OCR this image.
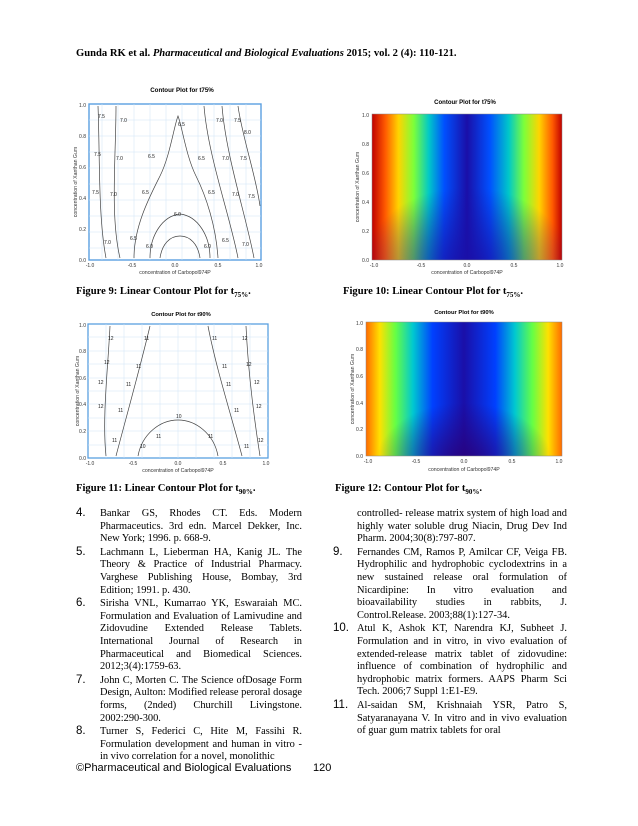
Gunda RK et al. Pharmaceutical and Biological Evaluations 2015; vol. 2 (4): 110-121.
Contour Plot for t75%
7.5
7.0
6.5
7.0 7.5
8.0
7.5
7.0	6.5	6.5	7.0 7.5
7.5 7.0	6.5	6.5	7.0 7.5
6.0
7.0
6.5
6.0	6.0
6.5
7.0
0.0
0.2
0.4
0.6
0.8
1.0
-1.0	-0.5	0.0	0.5	1.0
concentration of Carbopol974P
concentration of Xanthan Gum
Contour Plot for t75%
0.0
0.2
0.4
0.6
0.8
1.0
-1.0	-0.5	0.0	0.5	1.0
concentration of Carbopol974P
concentration of Xanthan Gum
Figure 9: Linear Contour Plot for $t_{75\%}$.	Figure 10: Linear Contour Plot for $t_{75\%}$.
Contour Plot for t90%
12	11	11	12
12
11	11	12
12	11	11	12
12
11	11
12
10
11
11	11
10	11
12
0.0
0.2
0.4
0.6
0.8
1.0
-1.0	-0.5	0.0	0.5	1.0
concentration of Carbopol974P
concentration of Xanthan Gum
Contour Plot for t90%
0.0
0.2
0.4
0.6
0.8
1.0
-1.0	-0.5	0.0	0.5	1.0
concentration of Carbopol974P
concentration of Xanthan Gum
Figure 11: Linear Contour Plot for $t_{90\%}$.	Figure 12: Contour Plot for $t_{90\%}$.
4. Bankar GS, Rhodes CT. Eds. Modern Pharmaceutics. 3rd edn. Marcel Dekker, Inc. New York; 1996. p. 668-9.
5. Lachmann L, Lieberman HA, Kanig JL. The Theory & Practice of Industrial Pharmacy. Varghese Publishing House, Bombay, 3rd Edition; 1991. p. 430.
6. Sirisha VNL, Kumarrao YK, Eswaraiah MC. Formulation and Evaluation of Lamivudine and Zidovudine Extended Release Tablets. International Journal of Research in Pharmaceutical and Biomedical Sciences. 2012;3(4):1759-63.
7. John C, Morten C. The Science ofDosage Form Design, Aulton: Modified release peroral dosage forms, (2nded) Churchill Livingstone. 2002:290-300.
8. Turner S, Federici C, Hite M, Fassihi R. Formulation development and human in vitro - in vivo correlation for a novel, monolithic
controlled- release matrix system of high load and highly water soluble drug Niacin, Drug Dev Ind Pharm. 2004;30(8):797-807.
9. Fernandes CM, Ramos P, Amilcar CF, Veiga FB. Hydrophilic and hydrophobic cyclodextrins in a new sustained release oral formulation of Nicardipine: In vitro evaluation and bioavailability studies in rabbits, J. Control.Release. 2003;88(1):127-34.
10. Atul K, Ashok KT, Narendra KJ, Subheet J. Formulation and in vitro, in vivo evaluation of extended-release matrix tablet of zidovudine: influence of combination of hydrophilic and hydrophobic matrix formers. AAPS Pharm Sci Tech. 2006;7 Suppl 1:E1-E9.
11. Al-saidan SM, Krishnaiah YSR, Patro S, Satyaranayana V. In vitro and in vivo evaluation of guar gum matrix tablets for oral
©Pharmaceutical and Biological Evaluations 120
